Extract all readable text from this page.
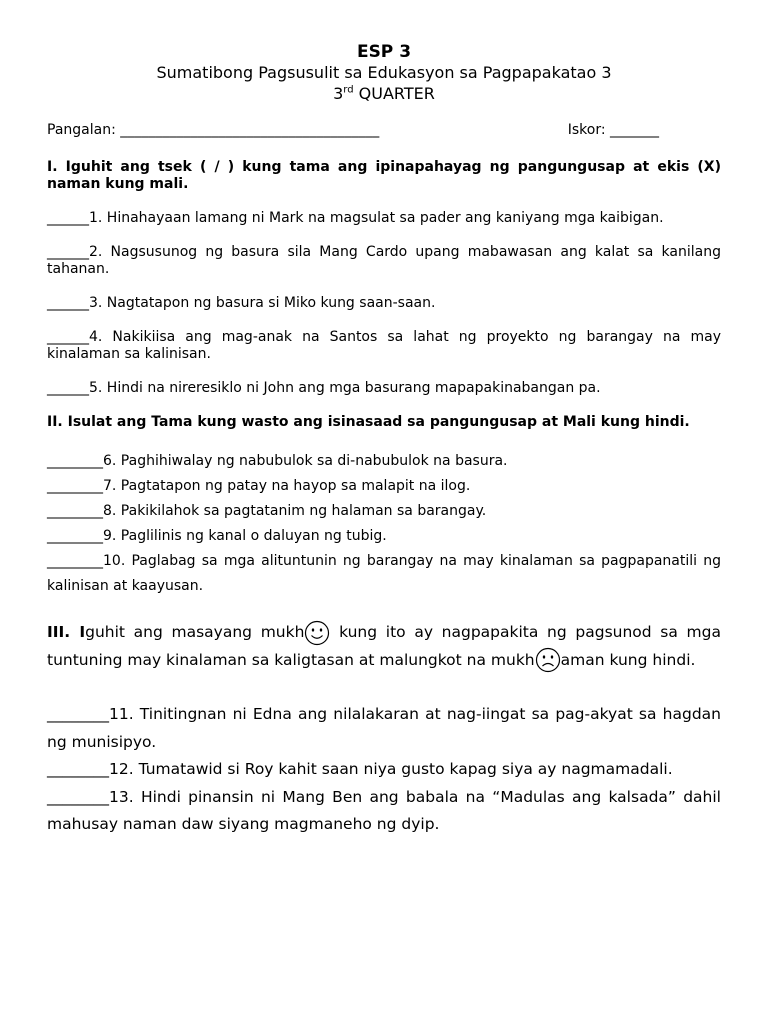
ESP 3
Sumatibong Pagsusulit sa Edukasyon sa Pagpapakatao 3
3rd QUARTER
Pangalan: _____________________________________	Iskor: _______
I. Iguhit ang tsek ( / ) kung tama ang ipinapahayag ng pangungusap at ekis (X) naman kung mali.
______1. Hinahayaan lamang ni Mark na magsulat sa pader ang kaniyang mga kaibigan.
______2. Nagsusunog ng basura sila Mang Cardo upang mabawasan ang kalat sa kanilang tahanan.
______3. Nagtatapon ng basura si Miko kung saan-saan.
______4. Nakikiisa ang mag-anak na Santos sa lahat ng proyekto ng barangay na may kinalaman sa kalinisan.
______5. Hindi na nireresiklo ni John ang mga basurang mapapakinabangan pa.
II. Isulat ang Tama kung wasto ang isinasaad sa pangungusap at Mali kung hindi.
________6. Paghihiwalay ng nabubulok sa di-nabubulok na basura.
________7. Pagtatapon ng patay na hayop sa malapit na ilog.
________8. Pakikilahok sa pagtatanim ng halaman sa barangay.
________9. Paglilinis ng kanal o daluyan ng tubig.
________10. Paglabag sa mga alituntunin ng barangay na may kinalaman sa pagpapanatili ng kalinisan at kaayusan.
III. Iguhit ang masayang mukh
kung ito ay nagpapakita ng pagsunod sa mga tuntuning may kinalaman sa kaligtasan at malungkot na mukh aman kung hindi.
________11. Tinitingnan ni Edna ang nilalakaran at nag-iingat sa pag-akyat sa hagdan ng munisipyo.
________12. Tumatawid si Roy kahit saan niya gusto kapag siya ay nagmamadali.
________13. Hindi pinansin ni Mang Ben ang babala na “Madulas ang kalsada” dahil mahusay naman daw siyang magmaneho ng dyip.
